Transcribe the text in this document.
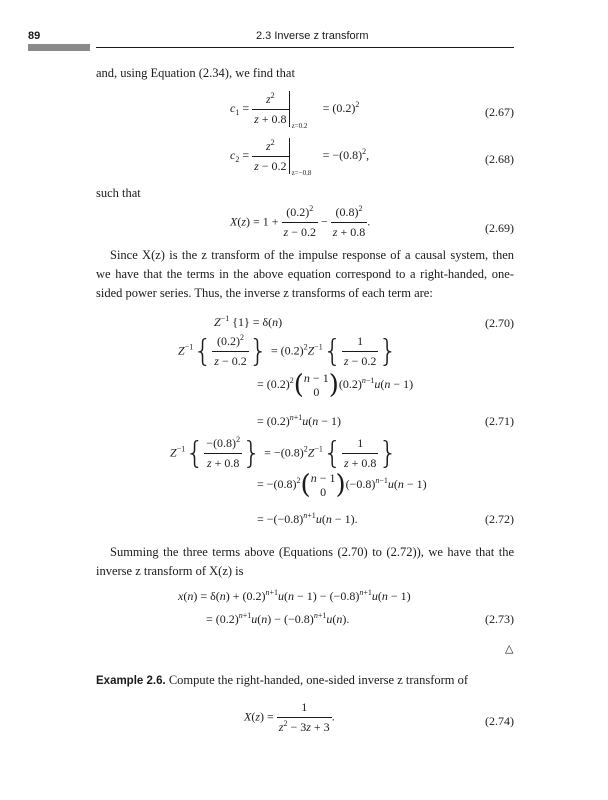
89	2.3 Inverse z transform
and, using Equation (2.34), we find that
$c_1 = \frac{z^2}{z + 0.8} z=0.2$
= $(0.2)^2$
(2.67)
$c_2 = \frac{z^2}{z - 0.2} z=-0.8$
= $-(0.8)^2$,	(2.68)
such that
$X(z) = 1 + \frac{(0.2)^2}{z - 0.2} - \frac{(0.8)^2}{z + 0.8}$ .	(2.69)
Since X(z) is the z transform of the impulse response of a causal system, then we have that the terms in the above equation correspond to a right-handed, one-sided power series. Thus, the inverse z transforms of each term are:
$Z^{-1}$ {1} = δ(n)	(2.70)
$Z^{-1}\{ \frac{(0.2)^2}{z - 0.2}$ } = $(0.2)^2Z^{-1}\{ \frac{1}{z - 0.2}$ }
= $(0.2)^2$( n − 1
0 )$(0.2)^{n-1}u(n - 1)$
= $(0.2)^{n+1}u(n - 1)$	(2.71)
$Z^{-1}\{ \frac{-(0.8)^2}{z + 0.8}$ } = $-(0.8)^2Z^{-1}\{ \frac{1}{z + 0.8}$ }
= $-(0.8)^2$( n − 1
0 )$(-0.8)^{n-1}u(n - 1)$
= $-(-0.8)^{n+1}u(n - 1)$.	(2.72)
Summing the three terms above (Equations (2.70) to (2.72)), we have that the inverse z transform of X(z) is
$x(n) = \delta(n) + (0.2)^{n+1}u(n - 1) - (-0.8)^{n+1}u(n - 1)$
= $(0.2)^{n+1}u(n) - (-0.8)^{n+1}u(n)$.	(2.73)
△
Example 2.6. Compute the right-handed, one-sided inverse z transform of
$X(z) = \frac{1}{z^2 - 3z + 3}$ .	(2.74)
